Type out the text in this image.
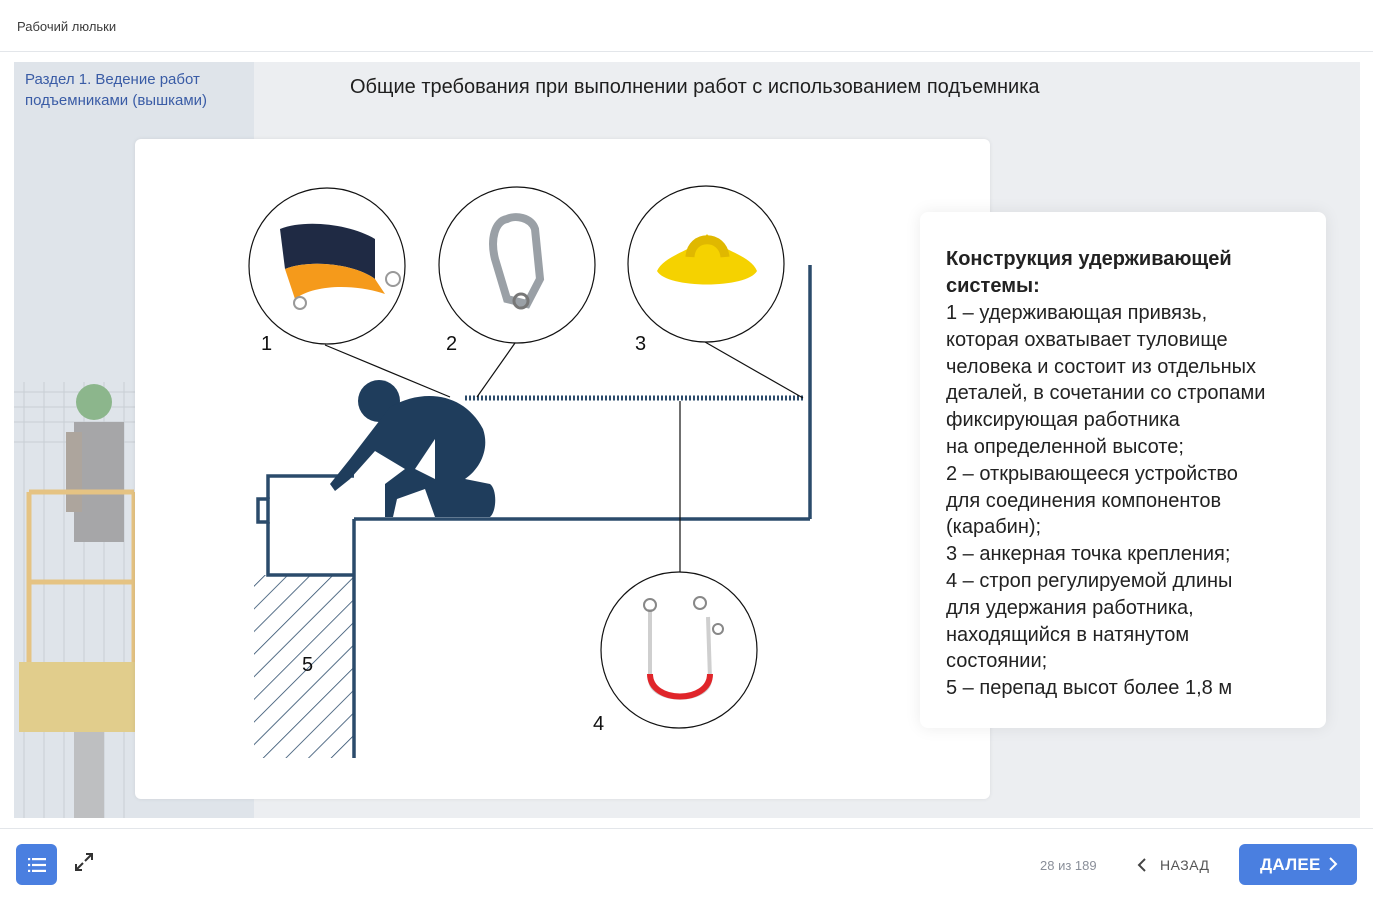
Рабочий люльки
Раздел 1. Ведение работ
подъемниками (вышками)
Общие требования при выполнении работ с использованием подъемника
1	2	3
4
5
Конструкция удерживающей
системы:
1 – удерживающая привязь,
которая охватывает туловище
человека и состоит из отдельных
деталей, в сочетании со стропами
фиксирующая работника
на определенной высоте;
2 – открывающееся устройство
для соединения компонентов
(карабин);
3 – анкерная точка крепления;
4 – строп регулируемой длины
для удержания работника,
находящийся в натянутом
состоянии;
5 – перепад высот более 1,8 м
28 из 189	НАЗАД	ДАЛЕЕ
